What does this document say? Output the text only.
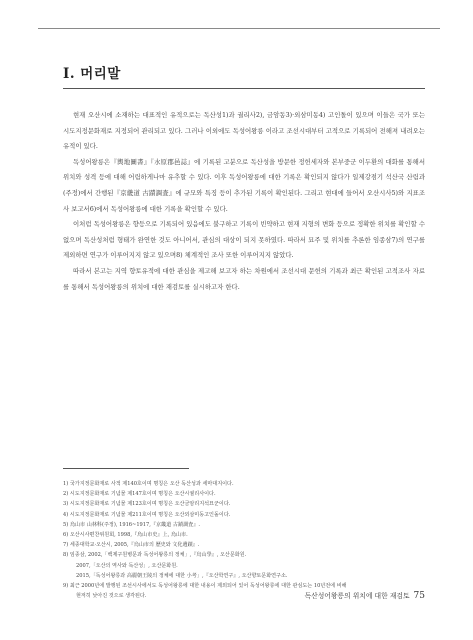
Ⅰ. 머리말

현재 오산시에 소재하는 대표적인 유적으로는 독산성1)과 궐리사2), 금암동3)·외삼미동4) 고인돌이 있으며 이들은 국가 또는 시도지정문화재로 지정되어 관리되고 있다. 그러나 이외에도 독성어왕릉 이라고 조선시대부터 고적으로 기록되어 전해져 내려오는 유적이 있다.

독성어왕릉은『輿地圖書』『水原郡邑誌』에 기록된 고분으로 독산성을 방문한 정헌세자와 본부중군 이두환의 대화를 통해서 위치와 성격 등에 대해 어림하게나마 유추할 수 있다. 이후 독성어왕릉에 대한 기록은 확인되지 않다가 일제강점기 석산국 산림과(주정)에서 간행된『京畿道 古蹟調査』에 규모와 특징 등이 추가된 기록이 확인된다. 그리고 현대에 들어서 오산시사5)와 지표조사 보고서6)에서 독성어왕릉에 대한 기록을 확인할 수 있다.

이처럼 독성어왕릉은 향등으로 기록되어 있음에도 불구하고 기록이 빈약하고 현재 지형의 변화 등으로 정확한 위치를 확인할 수 없으며 독산성처럼 형태가 완연한 것도 아니어서, 관심의 대상이 되지 못하였다. 따라서 묘주 및 위치를 추론한 임종삼7)의 연구를 제외하면 연구가 이루어지지 않고 있으며8) 체계적인 조사 또한 이루어지지 않았다.

따라서 본고는 지역 향토유적에 대한 관심을 제고해 보고자 하는 차원에서 조선시대 문헌의 기록과 최근 확인된 고적조사 자료를 통해서 독성어왕릉의 위치에 대한 재검토를 실시하고자 한다.

1) 국가지정문화재로 사적 제140호이며 명칭은 오산 독산성과 세마대지이다.
2) 시도지정문화재로 기념물 제147호이며 명칭은 오산시궐리사이다.
3) 시도지정문화재로 기념물 제123호이며 명칭은 오산금암리지석묘군이다.
4) 시도지정문화재로 기념물 제211호이며 명칭은 오산외삼미동고인돌이다.
5) 烏山市 山林科(주정), 1916~1917,『京畿道 古蹟調査』.
6) 오산시사편찬위원회, 1998,『烏山市史』上, 烏山市.
7) 세종대학교·오산시, 2005,『烏山市의 歷史와 文化遺蹟』.
8) 임종삼, 2002,「백제구원병문과 독성어왕릉의 정체」,『烏山學』, 오산문화원.
2007,「오산의 역사와 독산성」, 오산문화원.
2015,「독성어왕릉과 高麗朝王陵의 정체에 대한 小考」,『오산학연구』, 오산향토문화연구소.
9) 최근 2000년에 발행된 조선시사에서도 독성어왕릉에 대한 내용이 제외되어 있어 독성어왕릉에 대한 관심도는 10년전에 비해
현저히 낮아진 것으로 생각된다.	독산성어왕릉의 위치에 대한 재검토 75
